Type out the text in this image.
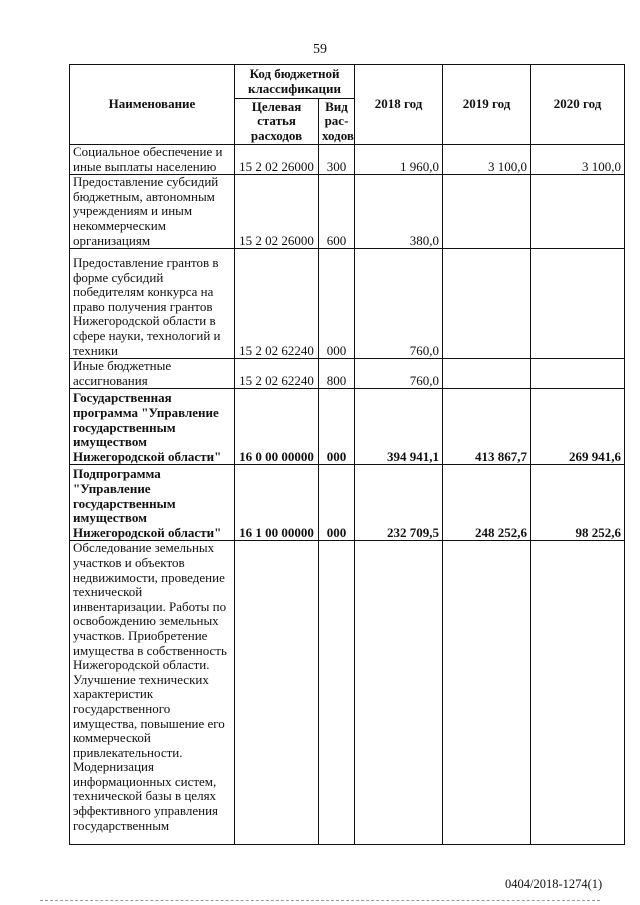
59
Наименование	Код бюджетной классификации		2018 год	2019 год	2020 год
	Целевая статья расходов	Вид рас-ходов			
Социальное обеспечение и иные выплаты населению	15 2 02 26000	300	1 960,0	3 100,0	3 100,0
Предоставление субсидий бюджетным, автономным учреждениям и иным некоммерческим организациям	15 2 02 26000	600	380,0		
Предоставление грантов в форме субсидий победителям конкурса на право получения грантов Нижегородской области в сфере науки, технологий и техники	15 2 02 62240	000	760,0		
Иные бюджетные ассигнования	15 2 02 62240	800	760,0		
Государственная программа "Управление государственным имуществом Нижегородской области"	16 0 00 00000	000	394 941,1	413 867,7	269 941,6
Подпрограмма "Управление государственным имуществом Нижегородской области"	16 1 00 00000	000	232 709,5	248 252,6	98 252,6
Обследование земельных участков и объектов недвижимости, проведение технической инвентаризации. Работы по освобождению земельных участков. Приобретение имущества в собственность Нижегородской области. Улучшение технических характеристик государственного имущества, повышение его коммерческой привлекательности. Модернизация информационных систем, технической базы в целях эффективного управления государственным					
0404/2018-1274(1)
